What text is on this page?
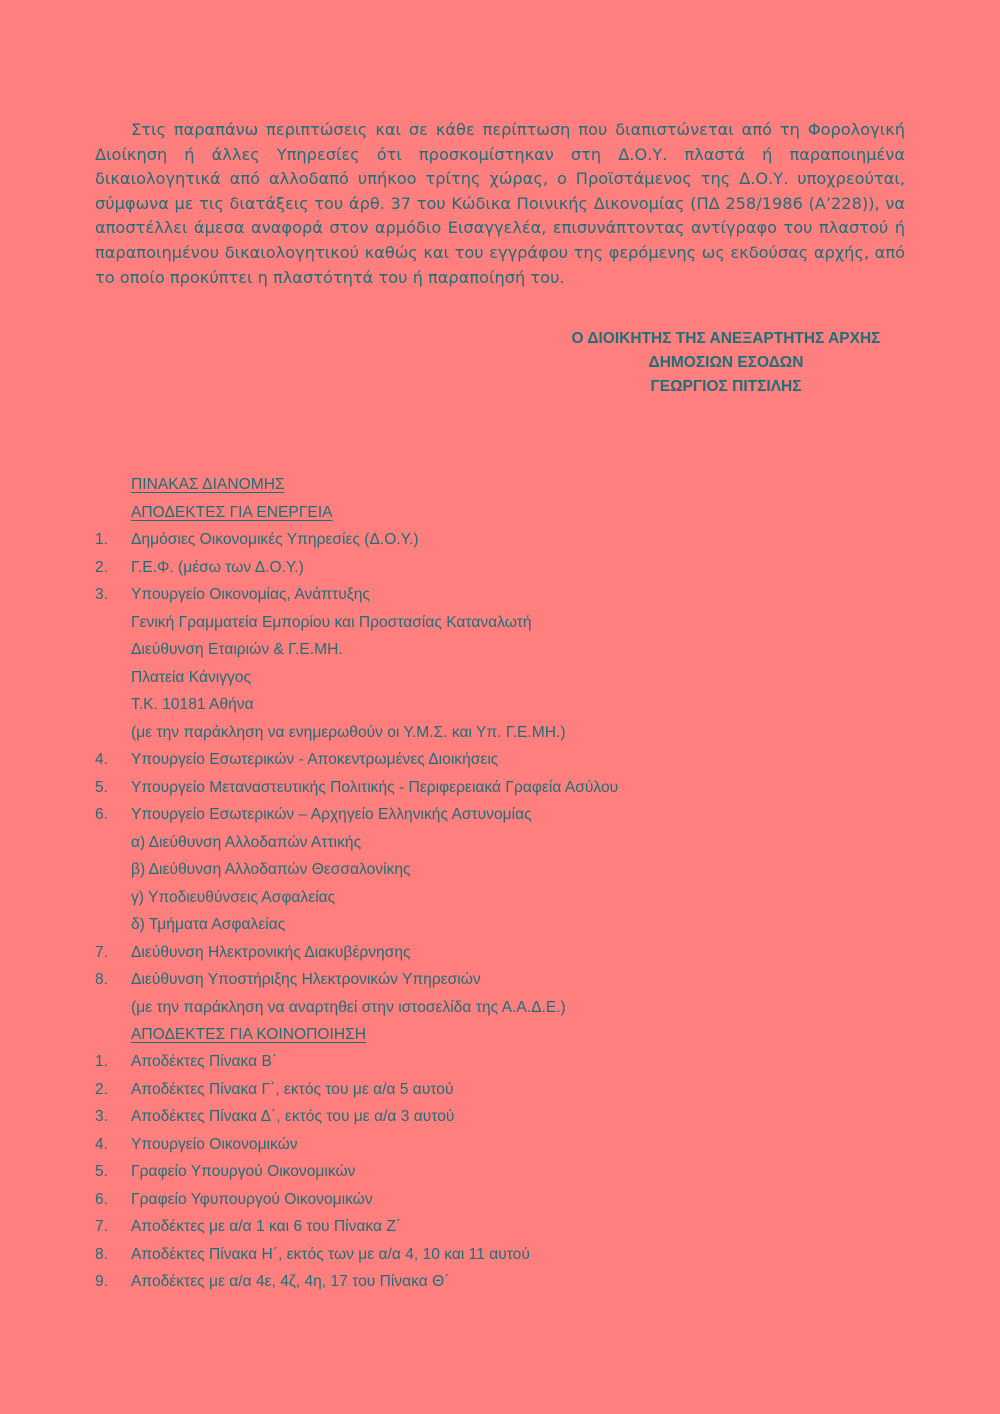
Στις παραπάνω περιπτώσεις και σε κάθε περίπτωση που διαπιστώνεται από τη Φορολογική Διοίκηση ή άλλες Υπηρεσίες ότι προσκομίστηκαν στη Δ.Ο.Υ. πλαστά ή παραποιημένα δικαιολογητικά από αλλοδαπό υπήκοο τρίτης χώρας, ο Προϊστάμενος της Δ.Ο.Υ. υποχρεούται, σύμφωνα με τις διατάξεις του άρθ. 37 του Κώδικα Ποινικής Δικονομίας (ΠΔ 258/1986 (Α’228)), να αποστέλλει άμεσα αναφορά στον αρμόδιο Εισαγγελέα, επισυνάπτοντας αντίγραφο του πλαστού ή παραποιημένου δικαιολογητικού καθώς και του εγγράφου της φερόμενης ως εκδούσας αρχής, από το οποίο προκύπτει η πλαστότητά του ή παραποίησή του.

Ο ΔΙΟΙΚΗΤΗΣ ΤΗΣ ΑΝΕΞΑΡΤΗΤΗΣ ΑΡΧΗΣ
ΔΗΜΟΣΙΩΝ ΕΣΟΔΩΝ
ΓΕΩΡΓΙΟΣ ΠΙΤΣΙΛΗΣ
ΠΙΝΑΚΑΣ ΔΙΑΝΟΜΗΣ
ΑΠΟΔΕΚΤΕΣ ΓΙΑ ΕΝΕΡΓΕΙΑ
1. Δημόσιες Οικονομικές Υπηρεσίες (Δ.Ο.Υ.)
2. Γ.Ε.Φ. (μέσω των Δ.Ο.Υ.)
3. Υπουργείο Οικονομίας, Ανάπτυξης
Γενική Γραμματεία Εμπορίου και Προστασίας Καταναλωτή
Διεύθυνση Εταιριών & Γ.Ε.ΜΗ.
Πλατεία Κάνιγγος
Τ.Κ. 10181 Αθήνα
(με την παράκληση να ενημερωθούν οι Υ.Μ.Σ. και Υπ. Γ.Ε.ΜΗ.)
4. Υπουργείο Εσωτερικών - Αποκεντρωμένες Διοικήσεις
5. Υπουργείο Μεταναστευτικής Πολιτικής - Περιφερειακά Γραφεία Ασύλου
6. Υπουργείο Εσωτερικών – Αρχηγείο Ελληνικής Αστυνομίας
α) Διεύθυνση Αλλοδαπών Αττικής
β) Διεύθυνση Αλλοδαπών Θεσσαλονίκης
γ) Υποδιευθύνσεις Ασφαλείας
δ) Τμήματα Ασφαλείας
7. Διεύθυνση Ηλεκτρονικής Διακυβέρνησης
8. Διεύθυνση Υποστήριξης Ηλεκτρονικών Υπηρεσιών
(με την παράκληση να αναρτηθεί στην ιστοσελίδα της Α.Α.Δ.Ε.)
ΑΠΟΔΕΚΤΕΣ ΓΙΑ ΚΟΙΝΟΠΟΙΗΣΗ
1. Αποδέκτες Πίνακα Β΄
2. Αποδέκτες Πίνακα Γ΄, εκτός του με α/α 5 αυτού
3. Αποδέκτες Πίνακα Δ΄, εκτός του με α/α 3 αυτού
4. Υπουργείο Οικονομικών
5. Γραφείο Υπουργού Οικονομικών
6. Γραφείο Υφυπουργού Οικονομικών
7. Αποδέκτες με α/α 1 και 6 του Πίνακα Ζ΄
8. Αποδέκτες Πίνακα Η΄, εκτός των με α/α 4, 10 και 11 αυτού
9. Αποδέκτες με α/α 4ε, 4ζ, 4η, 17 του Πίνακα Θ΄
